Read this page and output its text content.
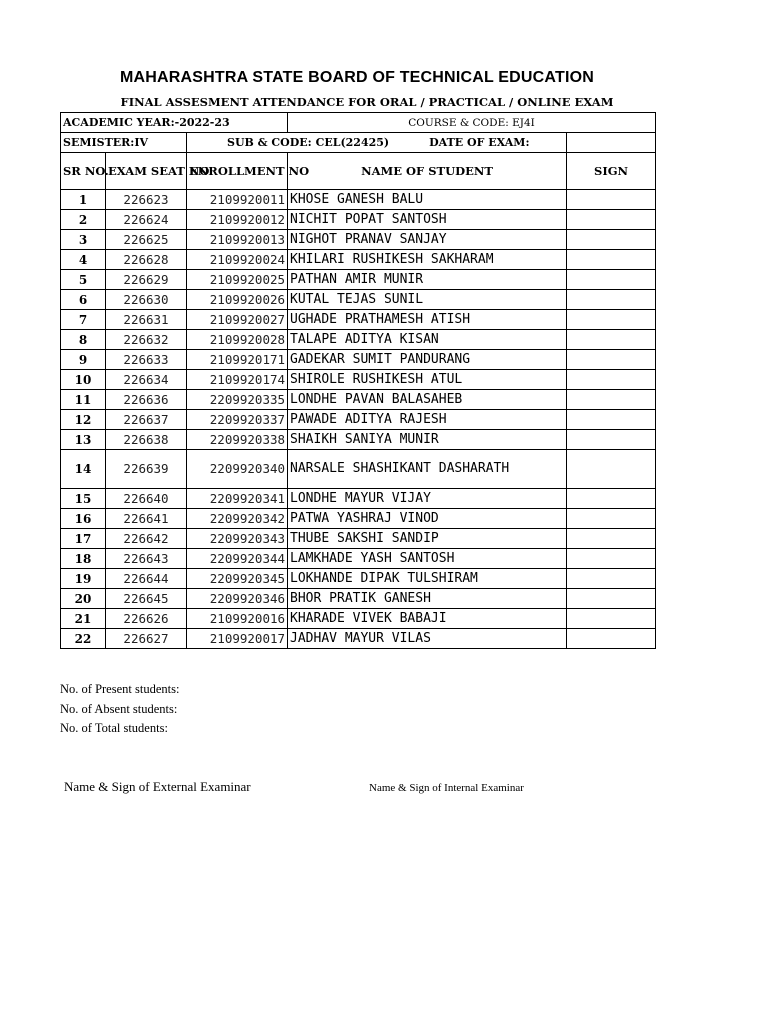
MAHARASHTRA STATE BOARD OF TECHNICAL EDUCATION
FINAL ASSESMENT ATTENDANCE FOR ORAL / PRACTICAL / ONLINE EXAM
ACADEMIC YEAR:-2022-23			COURSE & CODE: EJ4I	
SEMISTER:IV		SUB & CODE: CEL(22425) DATE OF EXAM:		
SR NO.	EXAM SEAT NO	ENROLLMENT NO	NAME OF STUDENT	SIGN
1	226623	2109920011	KHOSE GANESH BALU	
2	226624	2109920012	NICHIT POPAT SANTOSH	
3	226625	2109920013	NIGHOT PRANAV SANJAY	
4	226628	2109920024	KHILARI RUSHIKESH SAKHARAM	
5	226629	2109920025	PATHAN AMIR MUNIR	
6	226630	2109920026	KUTAL TEJAS SUNIL	
7	226631	2109920027	UGHADE PRATHAMESH ATISH	
8	226632	2109920028	TALAPE ADITYA KISAN	
9	226633	2109920171	GADEKAR SUMIT PANDURANG	
10	226634	2109920174	SHIROLE RUSHIKESH ATUL	
11	226636	2209920335	LONDHE PAVAN BALASAHEB	
12	226637	2209920337	PAWADE ADITYA RAJESH	
13	226638	2209920338	SHAIKH SANIYA MUNIR	
14	226639	2209920340	NARSALE SHASHIKANT DASHARATH	
15	226640	2209920341	LONDHE MAYUR VIJAY	
16	226641	2209920342	PATWA YASHRAJ VINOD	
17	226642	2209920343	THUBE SAKSHI SANDIP	
18	226643	2209920344	LAMKHADE YASH SANTOSH	
19	226644	2209920345	LOKHANDE DIPAK TULSHIRAM	
20	226645	2209920346	BHOR PRATIK GANESH	
21	226626	2109920016	KHARADE VIVEK BABAJI	
22	226627	2109920017	JADHAV MAYUR VILAS	
No. of Present students:
No. of Absent students:
No. of Total students:
Name & Sign of External Examinar	Name & Sign of Internal Examinar
